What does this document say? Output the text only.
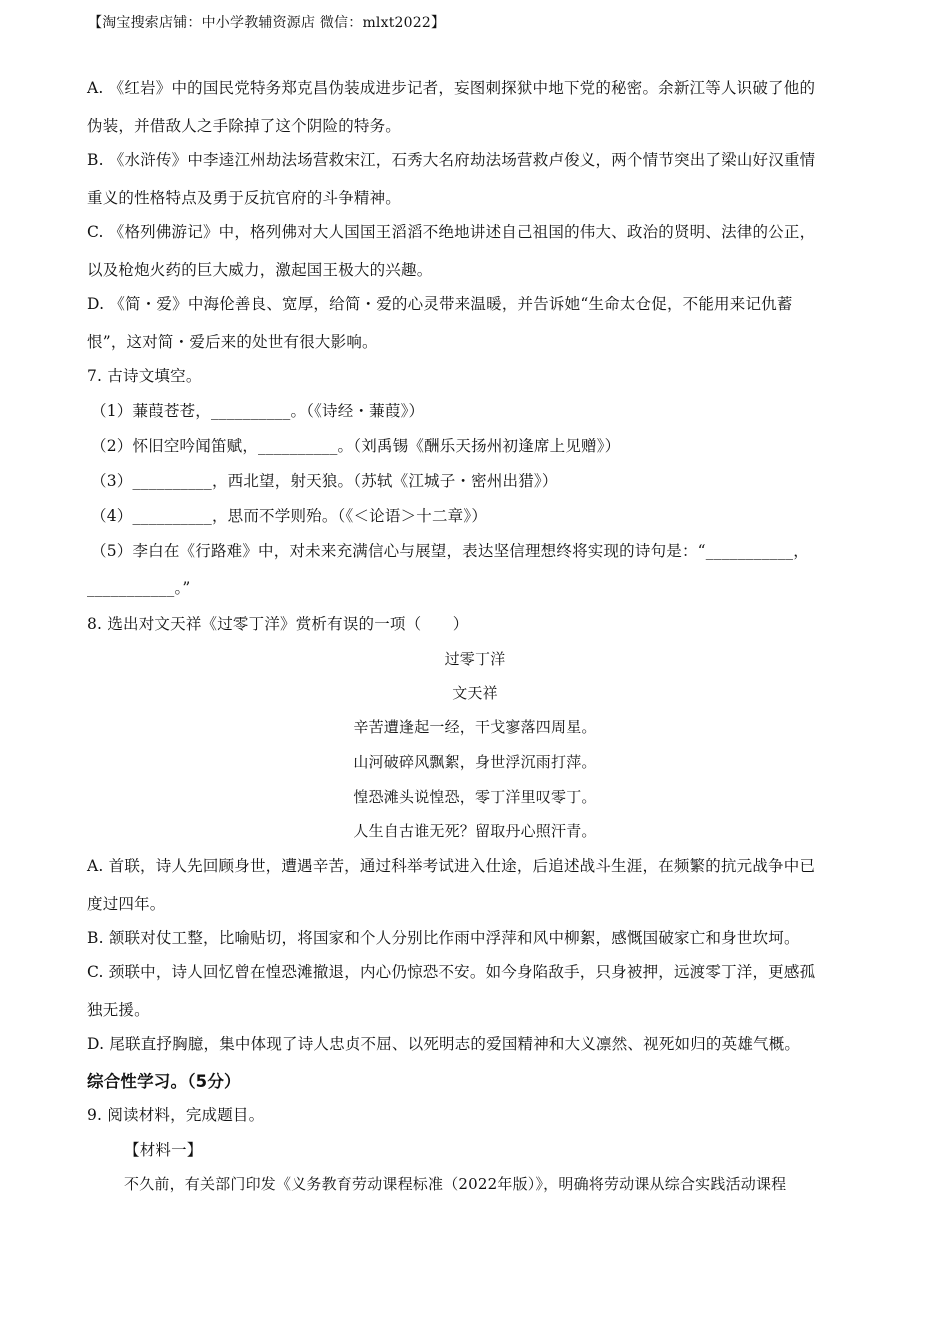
【淘宝搜索店铺：中小学教辅资源店 微信：mlxt2022】
A. 《红岩》中的国民党特务郑克昌伪装成进步记者，妄图刺探狱中地下党的秘密。余新江等人识破了他的
伪装，并借敌人之手除掉了这个阴险的特务。
B. 《水浒传》中李逵江州劫法场营救宋江，石秀大名府劫法场营救卢俊义，两个情节突出了梁山好汉重情
重义的性格特点及勇于反抗官府的斗争精神。
C. 《格列佛游记》中，格列佛对大人国国王滔滔不绝地讲述自己祖国的伟大、政治的贤明、法律的公正，
以及枪炮火药的巨大威力，激起国王极大的兴趣。
D. 《简・爱》中海伦善良、宽厚，给简・爱的心灵带来温暖，并告诉她“生命太仓促，不能用来记仇蓄
恨”，这对简・爱后来的处世有很大影响。
7. 古诗文填空。
（1）蒹葭苍苍，__________。（《诗经・蒹葭》）
（2）怀旧空吟闻笛赋，__________。（刘禹锡《酬乐天扬州初逢席上见赠》）
（3）__________，西北望，射天狼。（苏轼《江城子・密州出猎》）
（4）__________，思而不学则殆。（《＜论语＞十二章》）
（5）李白在《行路难》中，对未来充满信心与展望，表达坚信理想终将实现的诗句是：“___________，
___________。”
8. 选出对文天祥《过零丁洋》赏析有误的一项（　　）
过零丁洋
文天祥
辛苦遭逢起一经，干戈寥落四周星。
山河破碎风飘絮，身世浮沉雨打萍。
惶恐滩头说惶恐，零丁洋里叹零丁。
人生自古谁无死？留取丹心照汗青。
A. 首联，诗人先回顾身世，遭遇辛苦，通过科举考试进入仕途，后追述战斗生涯，在频繁的抗元战争中已
度过四年。
B. 颔联对仗工整，比喻贴切，将国家和个人分别比作雨中浮萍和风中柳絮，感慨国破家亡和身世坎坷。
C. 颈联中，诗人回忆曾在惶恐滩撤退，内心仍惊恐不安。如今身陷敌手，只身被押，远渡零丁洋，更感孤
独无援。
D. 尾联直抒胸臆，集中体现了诗人忠贞不屈、以死明志的爱国精神和大义凛然、视死如归的英雄气概。
综合性学习。（5分）
9. 阅读材料，完成题目。
【材料一】
不久前，有关部门印发《义务教育劳动课程标准（2022年版）》，明确将劳动课从综合实践活动课程
